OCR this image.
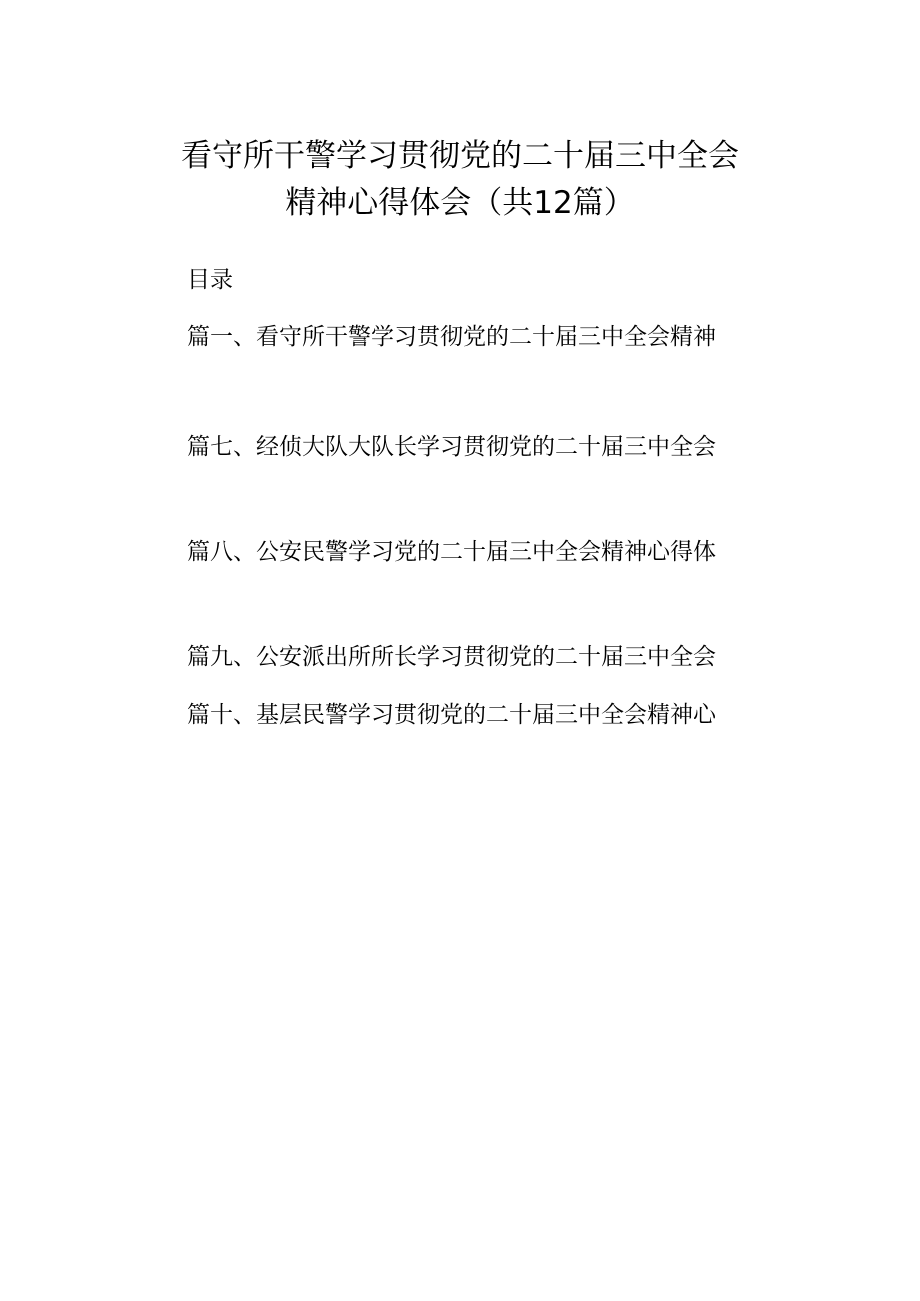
看守所干警学习贯彻党的二十届三中全会
精神心得体会（共12篇）
目录
篇一、看守所干警学习贯彻党的二十届三中全会精神
篇七、经侦大队大队长学习贯彻党的二十届三中全会
篇八、公安民警学习党的二十届三中全会精神心得体
篇九、公安派出所所长学习贯彻党的二十届三中全会
篇十、基层民警学习贯彻党的二十届三中全会精神心
